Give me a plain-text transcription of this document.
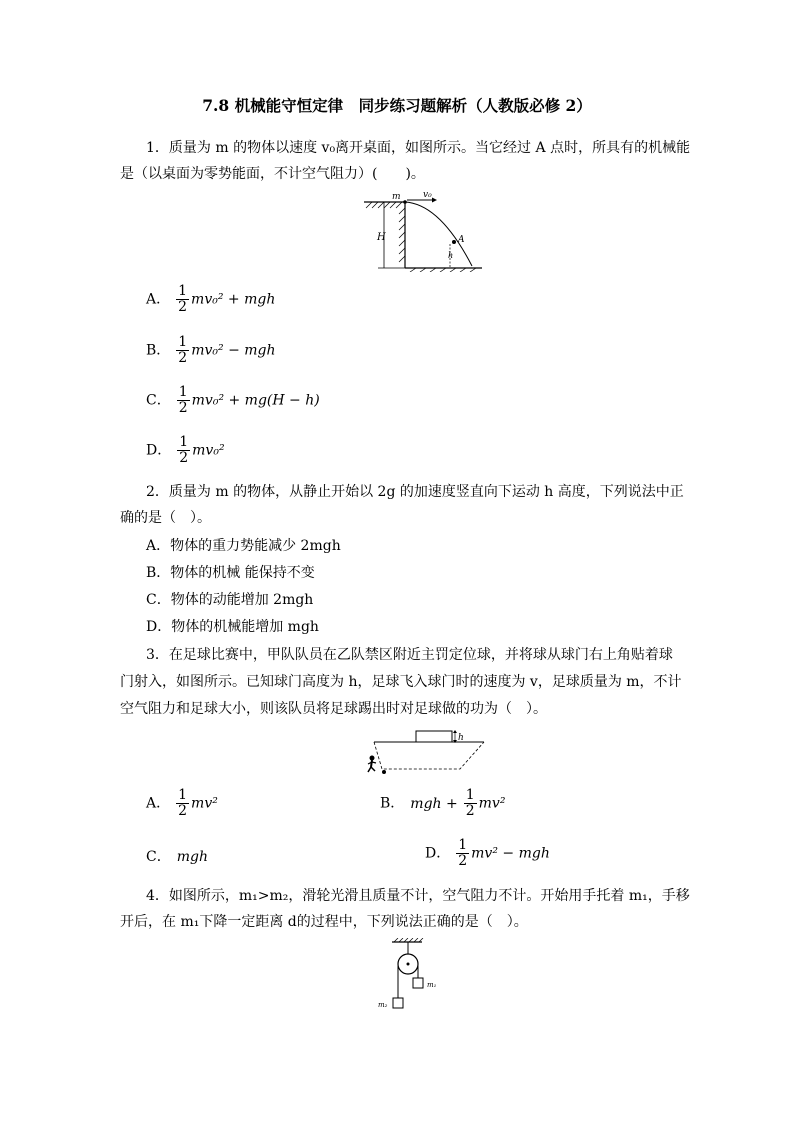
7.8 机械能守恒定律　同步练习题解析（人教版必修 2）
1．质量为 m 的物体以速度 v₀离开桌面，如图所示。当它经过 A 点时，所具有的机械能
是（以桌面为零势能面，不计空气阻力）(　　)。
H
m v₀
A
h
A． $\frac{1}{2} mv_0^2$ + mgh
B． $\frac{1}{2} mv_0^2$ − mgh
C． $\frac{1}{2} mv_0^2 + mg(H - h)$
D． $\frac{1}{2} mv_0^2$
2．质量为 m 的物体，从静止开始以 2g 的加速度竖直向下运动 h 高度，下列说法中正
确的是（　）。
A．物体的重力势能减少 2mgh
B．物体的机械 能保持不变
C．物体的动能增加 2mgh
D．物体的机械能增加 mgh
3．在足球比赛中，甲队队员在乙队禁区附近主罚定位球，并将球从球门右上角贴着球
门射入，如图所示。已知球门高度为 h，足球飞入球门时的速度为 v，足球质量为 m，不计
空气阻力和足球大小，则该队员将足球踢出时对足球做的功为（　）。
h
A． $\frac{1}{2} mv^2$	B． mgh + $\frac{1}{2} mv^2$
C． mgh	D． $\frac{1}{2} mv^2$ − mgh
4．如图所示，m₁>m₂，滑轮光滑且质量不计，空气阻力不计。开始用手托着 m₁，手移
开后，在 m₁下降一定距离 d的过程中，下列说法正确的是（　）。
m₁
m₂
